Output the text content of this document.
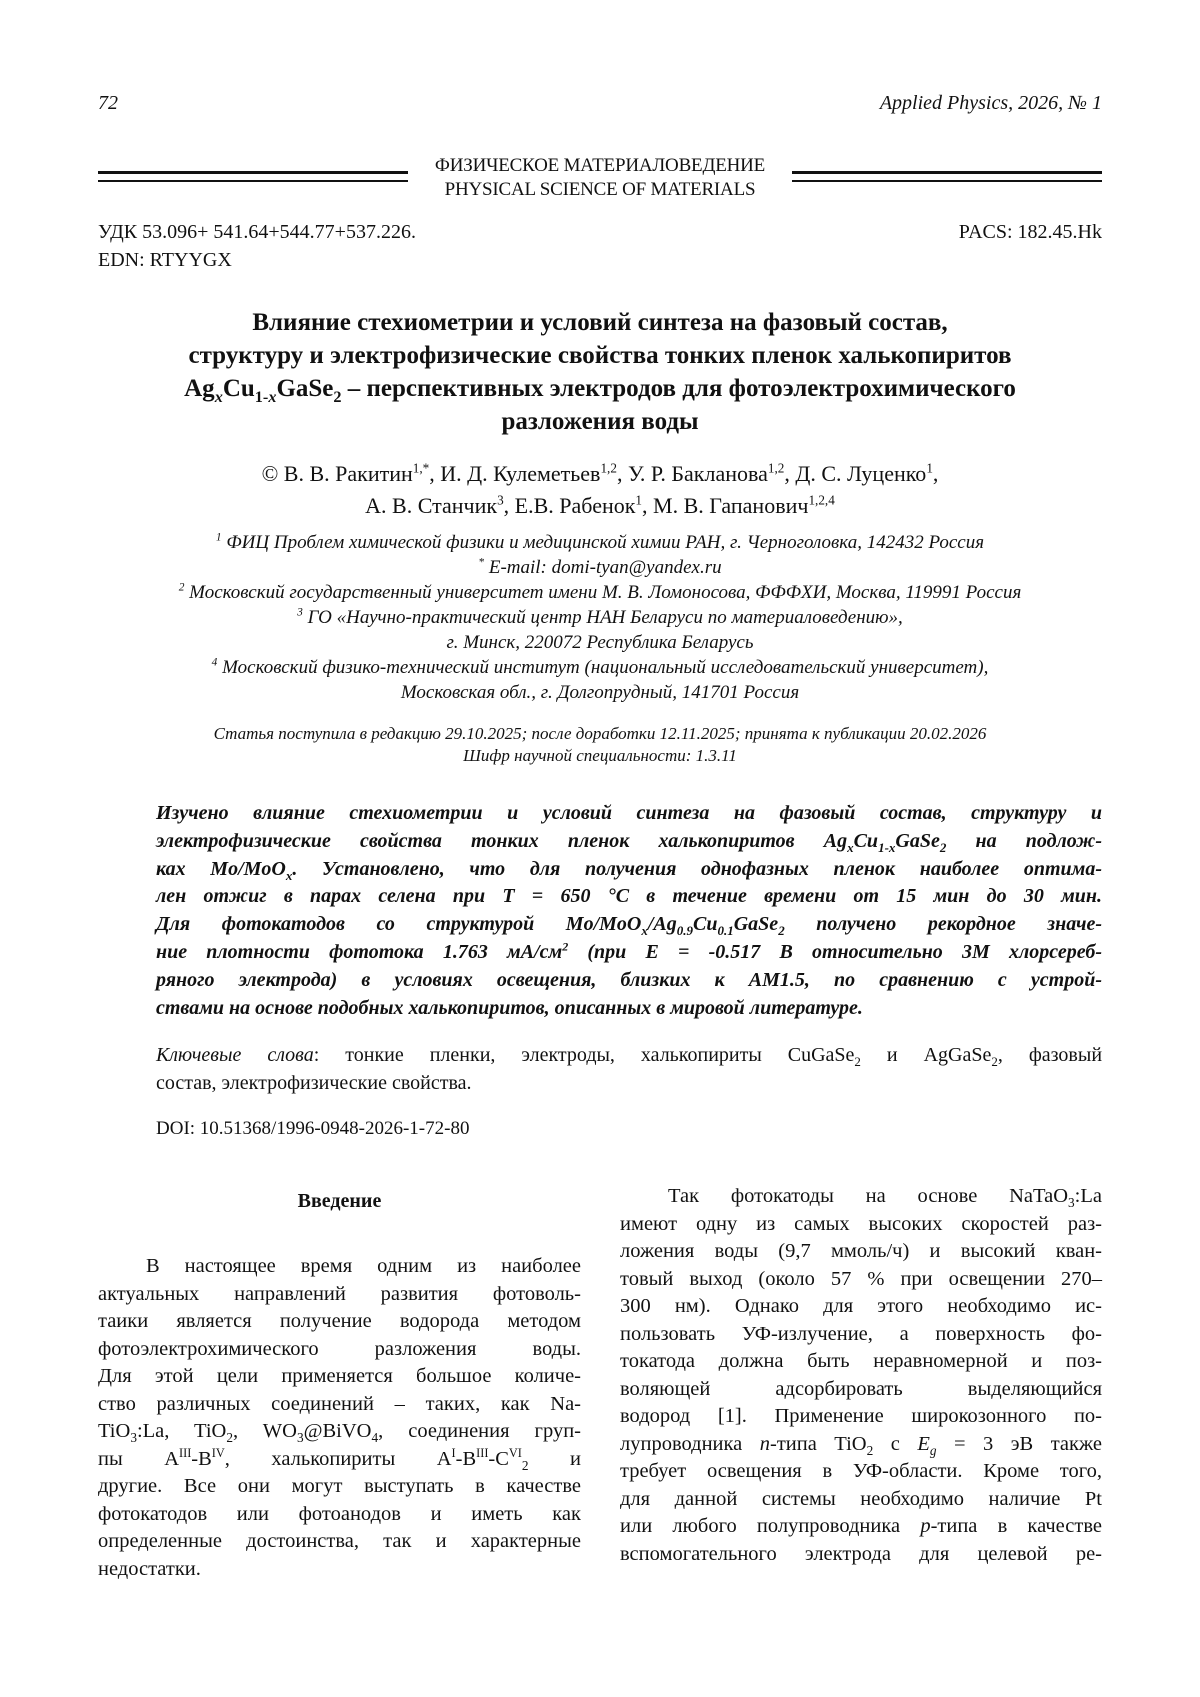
72	Applied Physics, 2026, № 1
ФИЗИЧЕСКОЕ МАТЕРИАЛОВЕДЕНИЕ
PHYSICAL SCIENCE OF MATERIALS
УДК 53.096+ 541.64+544.77+537.226.
EDN: RTYYGX
PACS: 182.45.Hk
Влияние стехиометрии и условий синтеза на фазовый состав,
структуру и электрофизические свойства тонких пленок халькопиритов
$Ag_xCu_{1-x}GaSe_2$ – перспективных электродов для фотоэлектрохимического
разложения воды
© В. В. Ракитин$^{1,*}$, И. Д. Кулеметьев$^{1,2}$, У. Р. Бакланова$^{1,2}$, Д. С. Луценко$^1$,
А. В. Станчик$^3$, Е.В. Рабенок$^1$, М. В. Гапанович$^{1,2,4}$
$^1$ ФИЦ Проблем химической физики и медицинской химии РАН, г. Черноголовка, 142432 Россия
* E-mail: domi-tyan@yandex.ru
$^2$ Московский государственный университет имени М. В. Ломоносова, ФФФХИ, Москва, 119991 Россия
$^3$ ГО «Научно-практический центр НАН Беларуси по материаловедению»,
г. Минск, 220072 Республика Беларусь
$^4$ Московский физико-технический институт (национальный исследовательский университет),
Московская обл., г. Долгопрудный, 141701 Россия
Статья поступила в редакцию 29.10.2025; после доработки 12.11.2025; принята к публикации 20.02.2026
Шифр научной специальности: 1.3.11
Изучено влияние стехиометрии и условий синтеза на фазовый состав, структуру и
электрофизические свойства тонких пленок халькопиритов $Ag_xCu_{1-x}GaSe_2$ на подлож-
ках Mo/MoO$_x$. Установлено, что для получения однофазных пленок наиболее оптима-
лен отжиг в парах селена при T = 650 °C в течение времени от 15 мин до 30 мин.
Для фотокатодов со структурой $Mo/MoO_x/Ag_{0.9}Cu_{0.1}GaSe_2$ получено рекордное значе-
ние плотности фототока 1.763 $мА/см^2$ (при E = -0.517 В относительно 3М хлорсереб-
ряного электрода) в условиях освещения, близких к AM1.5, по сравнению с устрой-
ствами на основе подобных халькопиритов, описанных в мировой литературе.
Ключевые слова: тонкие пленки, электроды, халькопириты CuGaSe$_2$ и AgGaSe$_2$, фазовый
состав, электрофизические свойства.
DOI: 10.51368/1996-0948-2026-1-72-80
Введение
В настоящее время одним из наиболее
актуальных направлений развития фотоволь-
таики является получение водорода методом
фотоэлектрохимического разложения воды.
Для этой цели применяется большое количе-
ство различных соединений – таких, как Na-
TiO$_3$:La, TiO$_2$, $WO_3@BiVO_4$, соединения груп-
пы $A^{III}-B^{IV}$, халькопириты $A^I-B^{III}-C^{VI}_2$ и
другие. Все они могут выступать в качестве
фотокатодов или фотоанодов и иметь как
определенные достоинства, так и характерные
недостатки.
Так фотокатоды на основе NaTaO$_3$:La
имеют одну из самых высоких скоростей раз-
ложения воды (9,7 ммоль/ч) и высокий кван-
товый выход (около 57 % при освещении 270–
300 нм). Однако для этого необходимо ис-
пользовать УФ-излучение, а поверхность фо-
токатода должна быть неравномерной и поз-
воляющей адсорбировать выделяющийся
водород [1]. Применение широкозонного по-
лупроводника n-типа TiO$_2$ с $E_g = 3$ эВ также
требует освещения в УФ-области. Кроме того,
для данной системы необходимо наличие Pt
или любого полупроводника p-типа в качестве
вспомогательного электрода для целевой ре-
